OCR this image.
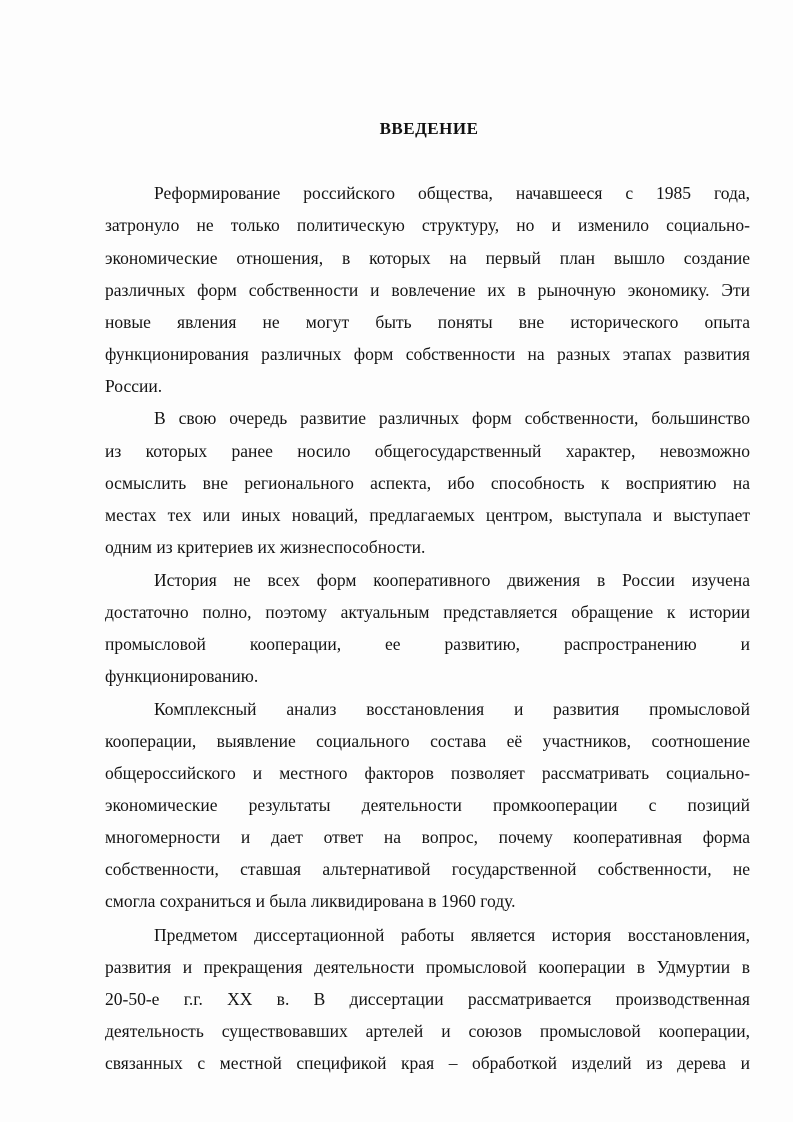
ВВЕДЕНИЕ
Реформирование российского общества, начавшееся с 1985 года,
затронуло не только политическую структуру, но и изменило социально-
экономические отношения, в которых на первый план вышло создание
различных форм собственности и вовлечение их в рыночную экономику. Эти
новые явления не могут быть поняты вне исторического опыта
функционирования различных форм собственности на разных этапах развития
России.
В свою очередь развитие различных форм собственности, большинство
из которых ранее носило общегосударственный характер, невозможно
осмыслить вне регионального аспекта, ибо способность к восприятию на
местах тех или иных новаций, предлагаемых центром, выступала и выступает
одним из критериев их жизнеспособности.
История не всех форм кооперативного движения в России изучена
достаточно полно, поэтому актуальным представляется обращение к истории
промысловой кооперации, ее развитию, распространению и
функционированию.
Комплексный анализ восстановления и развития промысловой
кооперации, выявление социального состава её участников, соотношение
общероссийского и местного факторов позволяет рассматривать социально-
экономические результаты деятельности промкооперации с позиций
многомерности и дает ответ на вопрос, почему кооперативная форма
собственности, ставшая альтернативой государственной собственности, не
смогла сохраниться и была ликвидирована в 1960 году.
Предметом диссертационной работы является история восстановления,
развития и прекращения деятельности промысловой кооперации в Удмуртии в
20-50-е г.г. XX в. В диссертации рассматривается производственная
деятельность существовавших артелей и союзов промысловой кооперации,
связанных с местной спецификой края – обработкой изделий из дерева и
